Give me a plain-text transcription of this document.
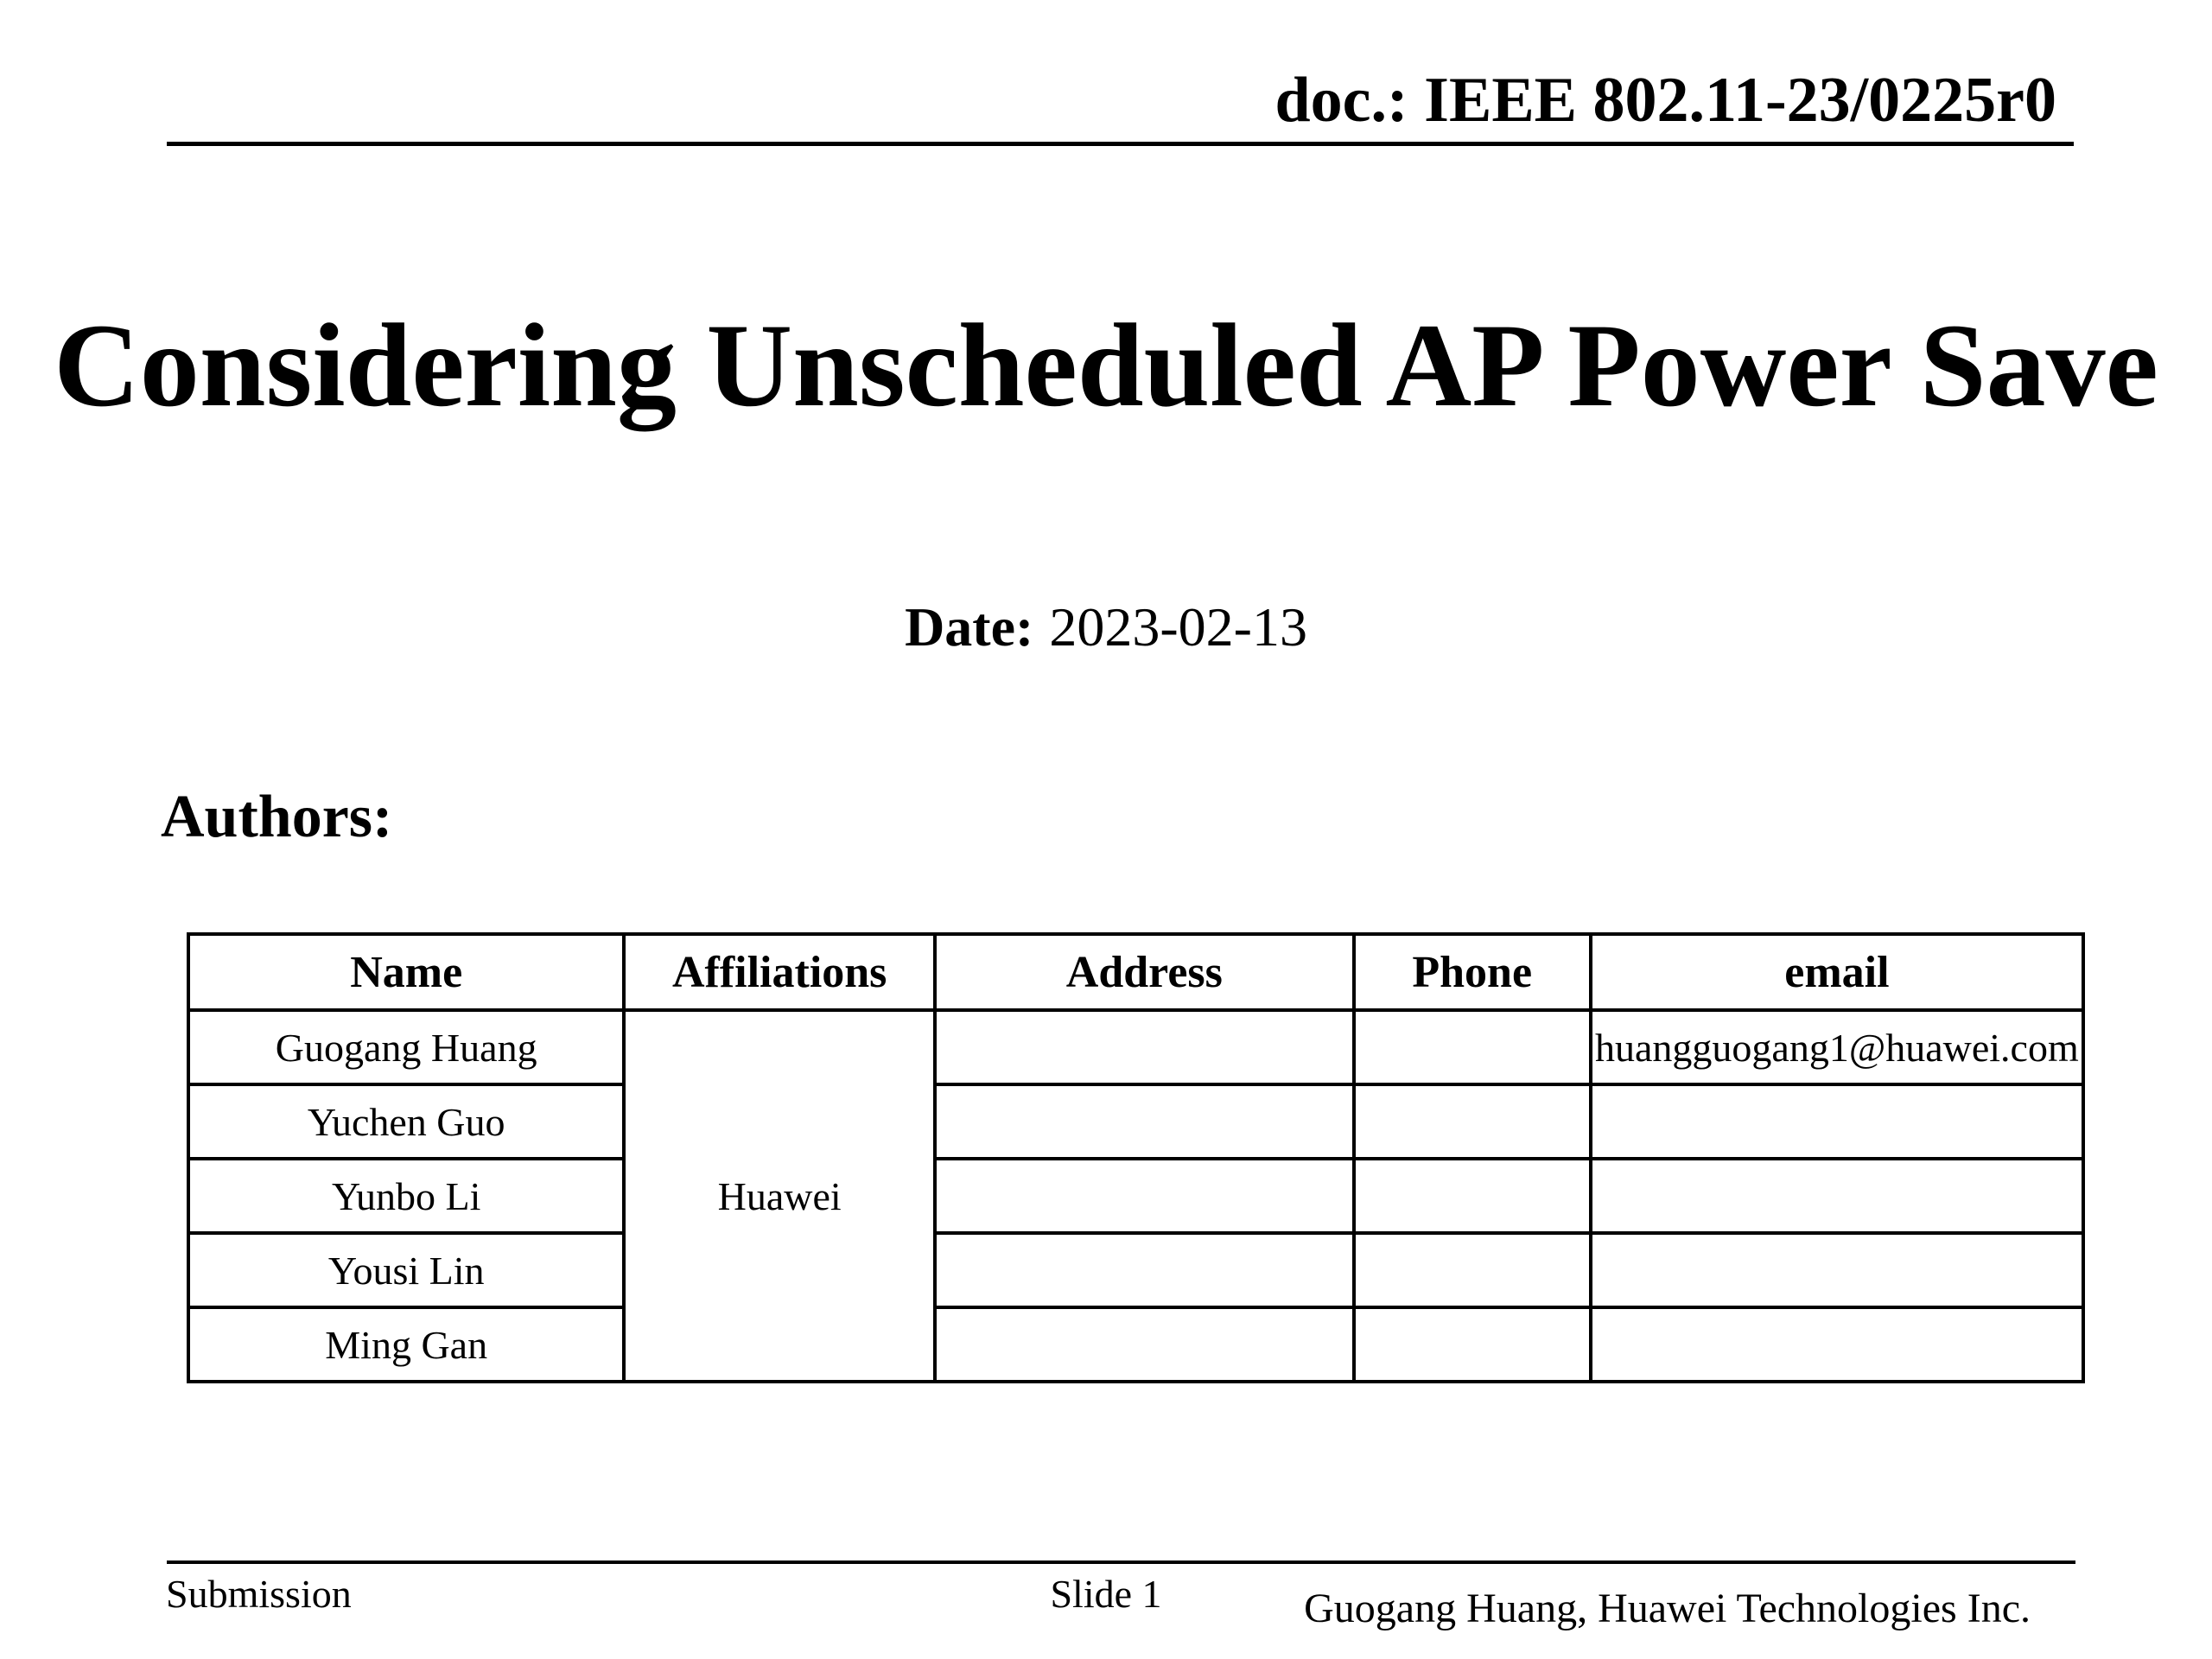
doc.: IEEE 802.11-23/0225r0
Considering Unscheduled AP Power Save
Date: 2023-02-13
Authors:
Name	Affiliations	Address	Phone	email
Guogang Huang	Huawei			huangguogang1@huawei.com
Yuchen Guo				
Yunbo Li				
Yousi Lin				
Ming Gan				
Submission	Slide 1	Guogang Huang, Huawei Technologies Inc.
